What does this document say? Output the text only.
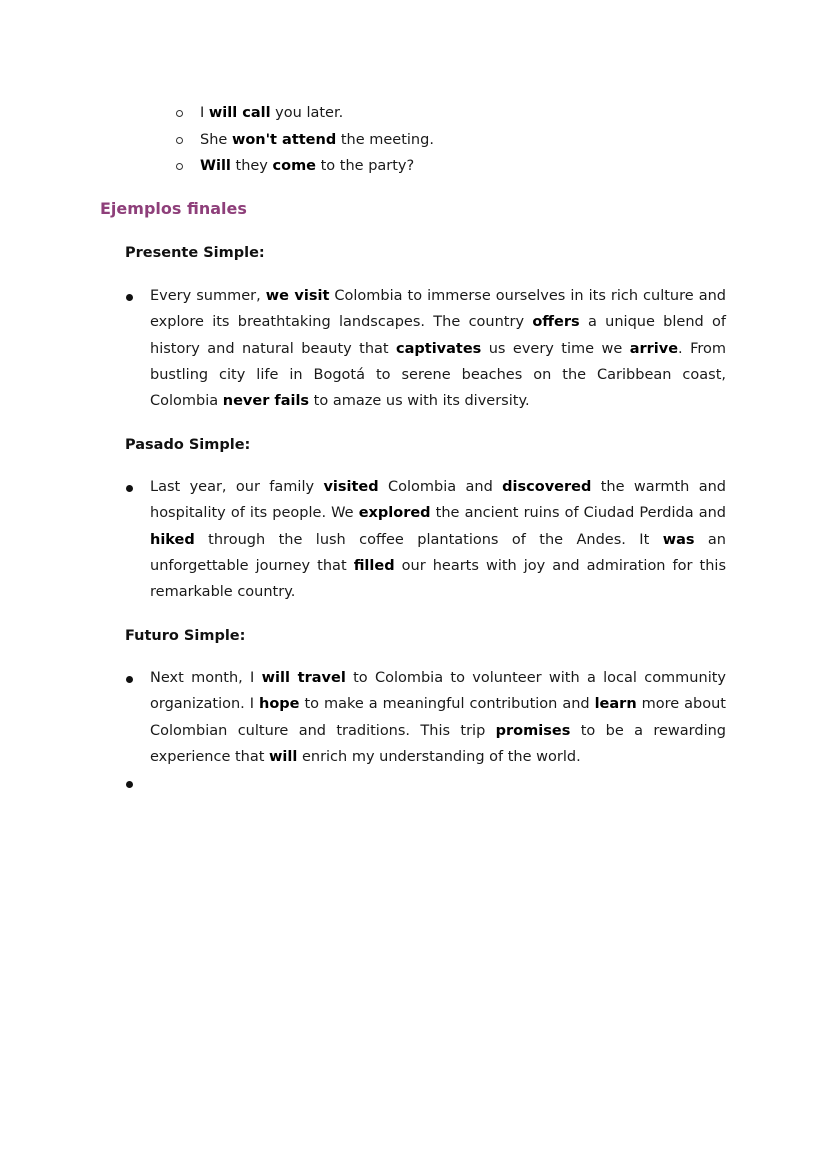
I will call you later.
She won't attend the meeting.
Will they come to the party?
Ejemplos finales
Presente Simple:

Every summer, we visit Colombia to immerse ourselves in its rich culture and explore its breathtaking landscapes. The country offers a unique blend of history and natural beauty that captivates us every time we arrive. From bustling city life in Bogotá to serene beaches on the Caribbean coast, Colombia never fails to amaze us with its diversity.

Pasado Simple:

Last year, our family visited Colombia and discovered the warmth and hospitality of its people. We explored the ancient ruins of Ciudad Perdida and hiked through the lush coffee plantations of the Andes. It was an unforgettable journey that filled our hearts with joy and admiration for this remarkable country.

Futuro Simple:

Next month, I will travel to Colombia to volunteer with a local community organization. I hope to make a meaningful contribution and learn more about Colombian culture and traditions. This trip promises to be a rewarding experience that will enrich my understanding of the world.
